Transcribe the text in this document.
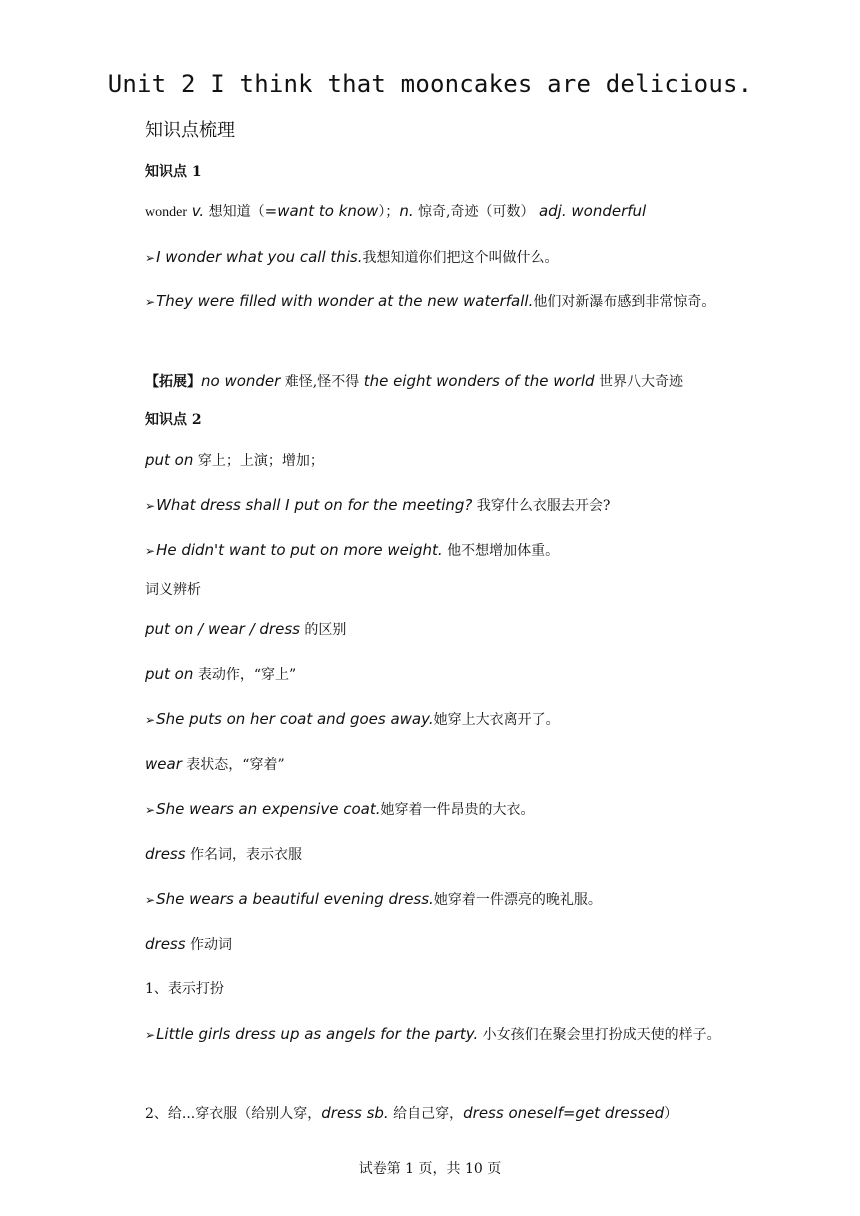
Unit 2 I think that mooncakes are delicious.
知识点梳理
知识点 1
wonder v. 想知道（=want to know）；n. 惊奇,奇迹（可数） adj. wonderful
➢I wonder what you call this.我想知道你们把这个叫做什么。
➢They were filled with wonder at the new waterfall.他们对新瀑布感到非常惊奇。
【拓展】no wonder 难怪,怪不得 the eight wonders of the world 世界八大奇迹
知识点 2
put on 穿上；上演；增加；
➢What dress shall I put on for the meeting? 我穿什么衣服去开会?
➢He didn't want to put on more weight. 他不想增加体重。
词义辨析
put on / wear / dress 的区别
put on 表动作，“穿上”
➢She puts on her coat and goes away.她穿上大衣离开了。
wear 表状态，“穿着”
➢She wears an expensive coat.她穿着一件昂贵的大衣。
dress 作名词，表示衣服
➢She wears a beautiful evening dress.她穿着一件漂亮的晚礼服。
dress 作动词
1、表示打扮
➢Little girls dress up as angels for the party. 小女孩们在聚会里打扮成天使的样子。
2、给...穿衣服（给别人穿，dress sb. 给自己穿，dress oneself=get dressed）
试卷第 1 页，共 10 页
